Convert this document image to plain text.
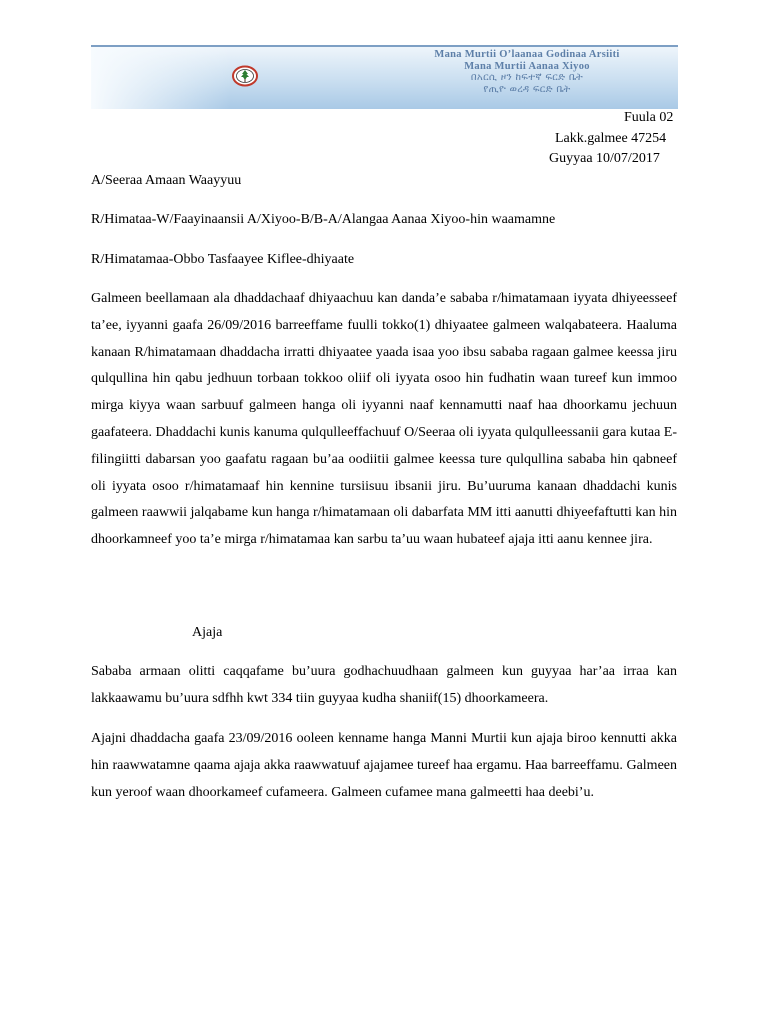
Mana Murtii O’laanaa Godinaa Arsiiti
Mana Murtii Aanaa Xiyoo
በአርሲ ዞን ከፍተኛ ፍርድ ቤት
የጢዮ ወረዳ ፍርድ ቤት
Fuula 02
Lakk.galmee 47254
Guyyaa 10/07/2017
A/Seeraa Amaan Waayyuu
R/Himataa-W/Faayinaansii A/Xiyoo-B/B-A/Alangaa Aanaa Xiyoo-hin waamamne
R/Himatamaa-Obbo Tasfaayee Kiflee-dhiyaate
Galmeen beellamaan ala dhaddachaaf dhiyaachuu kan danda’e sababa r/himatamaan iyyata dhiyeesseef ta’ee, iyyanni gaafa 26/09/2016 barreeffame fuulli tokko(1) dhiyaatee galmeen walqabateera. Haaluma kanaan R/himatamaan dhaddacha irratti dhiyaatee yaada isaa yoo ibsu sababa ragaan galmee keessa jiru qulqullina hin qabu jedhuun torbaan tokkoo oliif oli iyyata osoo hin fudhatin waan tureef kun immoo mirga kiyya waan sarbuuf galmeen hanga oli iyyanni naaf kennamutti naaf haa dhoorkamu jechuun gaafateera. Dhaddachi kunis kanuma qulqulleeffachuuf O/Seeraa oli iyyata qulqulleessanii gara kutaa E-filingiitti dabarsan yoo gaafatu ragaan bu’aa oodiitii galmee keessa ture qulqullina sababa hin qabneef oli iyyata osoo r/himatamaaf hin kennine tursiisuu ibsanii jiru. Bu’uuruma kanaan dhaddachi kunis galmeen raawwii jalqabame kun hanga r/himatamaan oli dabarfata MM itti aanutti dhiyeefaftutti kan hin dhoorkamneef yoo ta’e mirga r/himatamaa kan sarbu ta’uu waan hubateef ajaja itti aanu kennee jira.
Ajaja
Sababa armaan olitti caqqafame bu’uura godhachuudhaan galmeen kun guyyaa har’aa irraa kan lakkaawamu bu’uura sdfhh kwt 334 tiin guyyaa kudha shaniif(15) dhoorkameera.
Ajajni dhaddacha gaafa 23/09/2016 ooleen kenname hanga Manni Murtii kun ajaja biroo kennutti akka hin raawwatamne qaama ajaja akka raawwatuuf ajajamee tureef haa ergamu. Haa barreeffamu. Galmeen kun yeroof waan dhoorkameef cufameera. Galmeen cufamee mana galmeetti haa deebi’u.
